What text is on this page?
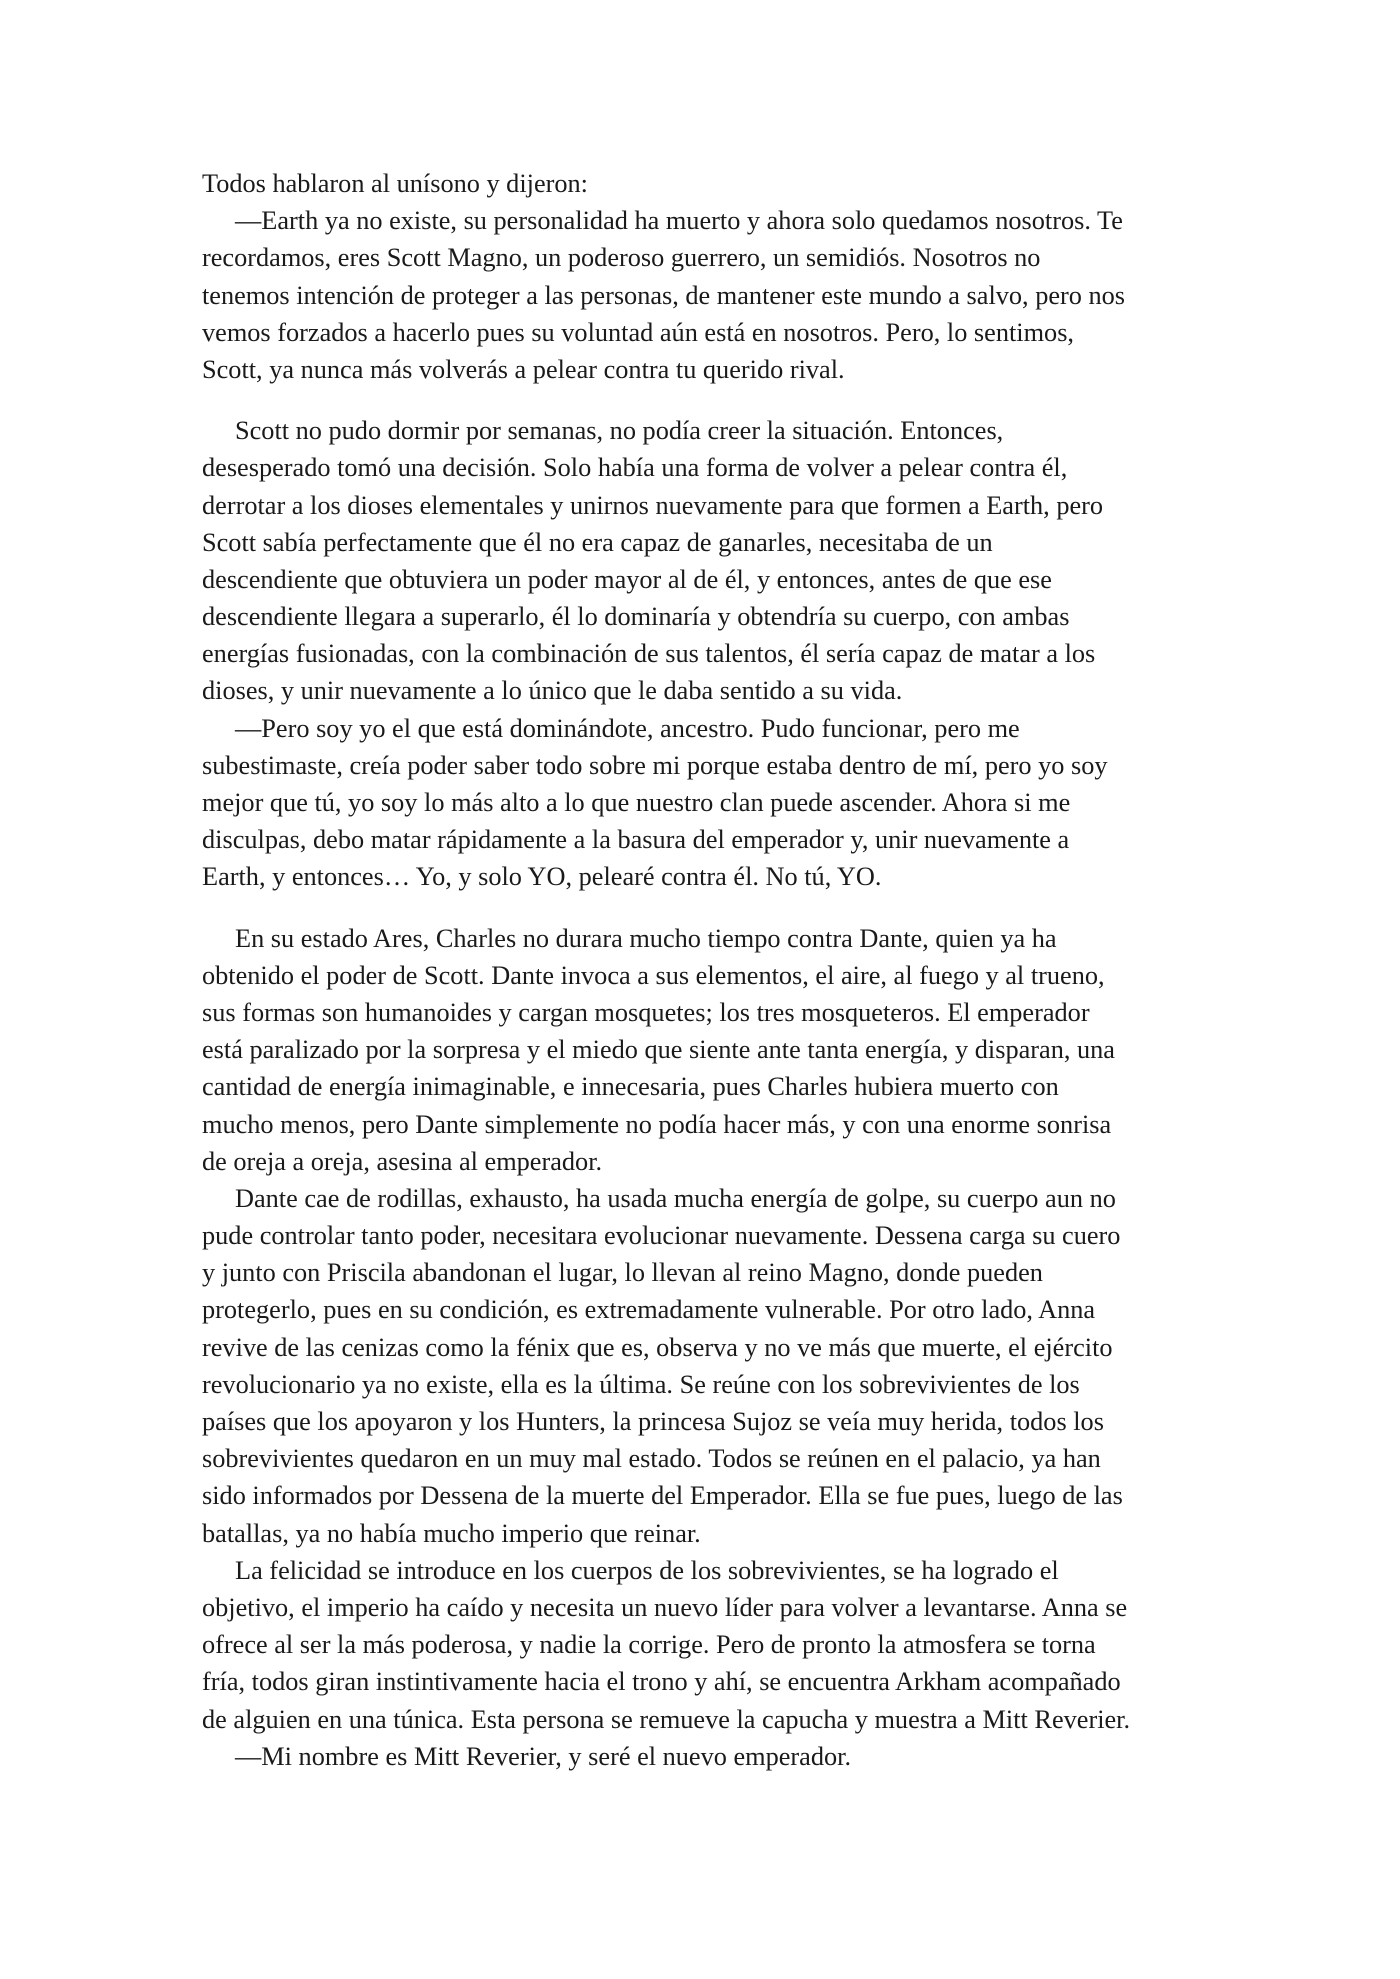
Todos hablaron al unísono y dijeron:
—Earth ya no existe, su personalidad ha muerto y ahora solo quedamos nosotros. Te
recordamos, eres Scott Magno, un poderoso guerrero, un semidiós. Nosotros no
tenemos intención de proteger a las personas, de mantener este mundo a salvo, pero nos
vemos forzados a hacerlo pues su voluntad aún está en nosotros. Pero, lo sentimos,
Scott, ya nunca más volverás a pelear contra tu querido rival.
Scott no pudo dormir por semanas, no podía creer la situación. Entonces,
desesperado tomó una decisión. Solo había una forma de volver a pelear contra él,
derrotar a los dioses elementales y unirnos nuevamente para que formen a Earth, pero
Scott sabía perfectamente que él no era capaz de ganarles, necesitaba de un
descendiente que obtuviera un poder mayor al de él, y entonces, antes de que ese
descendiente llegara a superarlo, él lo dominaría y obtendría su cuerpo, con ambas
energías fusionadas, con la combinación de sus talentos, él sería capaz de matar a los
dioses, y unir nuevamente a lo único que le daba sentido a su vida.
—Pero soy yo el que está dominándote, ancestro. Pudo funcionar, pero me
subestimaste, creía poder saber todo sobre mi porque estaba dentro de mí, pero yo soy
mejor que tú, yo soy lo más alto a lo que nuestro clan puede ascender. Ahora si me
disculpas, debo matar rápidamente a la basura del emperador y, unir nuevamente a
Earth, y entonces… Yo, y solo YO, pelearé contra él. No tú, YO.
En su estado Ares, Charles no durara mucho tiempo contra Dante, quien ya ha
obtenido el poder de Scott. Dante invoca a sus elementos, el aire, al fuego y al trueno,
sus formas son humanoides y cargan mosquetes; los tres mosqueteros. El emperador
está paralizado por la sorpresa y el miedo que siente ante tanta energía, y disparan, una
cantidad de energía inimaginable, e innecesaria, pues Charles hubiera muerto con
mucho menos, pero Dante simplemente no podía hacer más, y con una enorme sonrisa
de oreja a oreja, asesina al emperador.
Dante cae de rodillas, exhausto, ha usada mucha energía de golpe, su cuerpo aun no
pude controlar tanto poder, necesitara evolucionar nuevamente. Dessena carga su cuero
y junto con Priscila abandonan el lugar, lo llevan al reino Magno, donde pueden
protegerlo, pues en su condición, es extremadamente vulnerable. Por otro lado, Anna
revive de las cenizas como la fénix que es, observa y no ve más que muerte, el ejército
revolucionario ya no existe, ella es la última. Se reúne con los sobrevivientes de los
países que los apoyaron y los Hunters, la princesa Sujoz se veía muy herida, todos los
sobrevivientes quedaron en un muy mal estado. Todos se reúnen en el palacio, ya han
sido informados por Dessena de la muerte del Emperador. Ella se fue pues, luego de las
batallas, ya no había mucho imperio que reinar.
La felicidad se introduce en los cuerpos de los sobrevivientes, se ha logrado el
objetivo, el imperio ha caído y necesita un nuevo líder para volver a levantarse. Anna se
ofrece al ser la más poderosa, y nadie la corrige. Pero de pronto la atmosfera se torna
fría, todos giran instintivamente hacia el trono y ahí, se encuentra Arkham acompañado
de alguien en una túnica. Esta persona se remueve la capucha y muestra a Mitt Reverier.
—Mi nombre es Mitt Reverier, y seré el nuevo emperador.
